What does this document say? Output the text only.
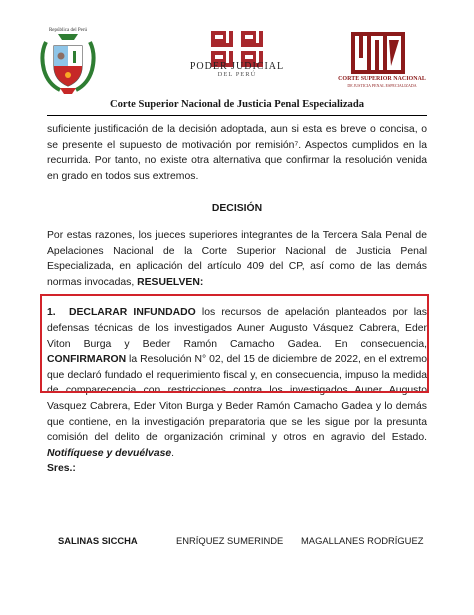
República del Perú
PODER JUDICIAL
DEL PERÚ
CORTE SUPERIOR NACIONAL
DE JUSTICIA PENAL ESPECIALIZADA
Corte Superior Nacional de Justicia Penal Especializada

suficiente justificación de la decisión adoptada, aun si esta es breve o concisa, o se presente el supuesto de motivación por remisión⁷. Aspectos cumplidos en la recurrida. Por tanto, no existe otra alternativa que confirmar la resolución venida en grado en todos sus extremos.

DECISIÓN

Por estas razones, los jueces superiores integrantes de la Tercera Sala Penal de Apelaciones Nacional de la Corte Superior Nacional de Justicia Penal Especializada, en aplicación del artículo 409 del CP, así como de las demás normas invocadas, RESUELVEN:

1. DECLARAR INFUNDADO los recursos de apelación planteados por las defensas técnicas de los investigados Auner Augusto Vásquez Cabrera, Eder Viton Burga y Beder Ramón Camacho Gadea. En consecuencia, CONFIRMARON la Resolución N° 02, del 15 de diciembre de 2022, en el extremo que declaró fundado el requerimiento fiscal y, en consecuencia, impuso la medida de comparecencia con restricciones contra los investigados Auner Augusto Vasquez Cabrera, Eder Viton Burga y Beder Ramón Camacho Gadea y lo demás que contiene, en la investigación preparatoria que se les sigue por la presunta comisión del delito de organización criminal y otros en agravio del Estado. Notifíquese y devuélvase.

Sres.:

SALINAS SICCHA	ENRÍQUEZ SUMERINDE MAGALLANES RODRÍGUEZ
